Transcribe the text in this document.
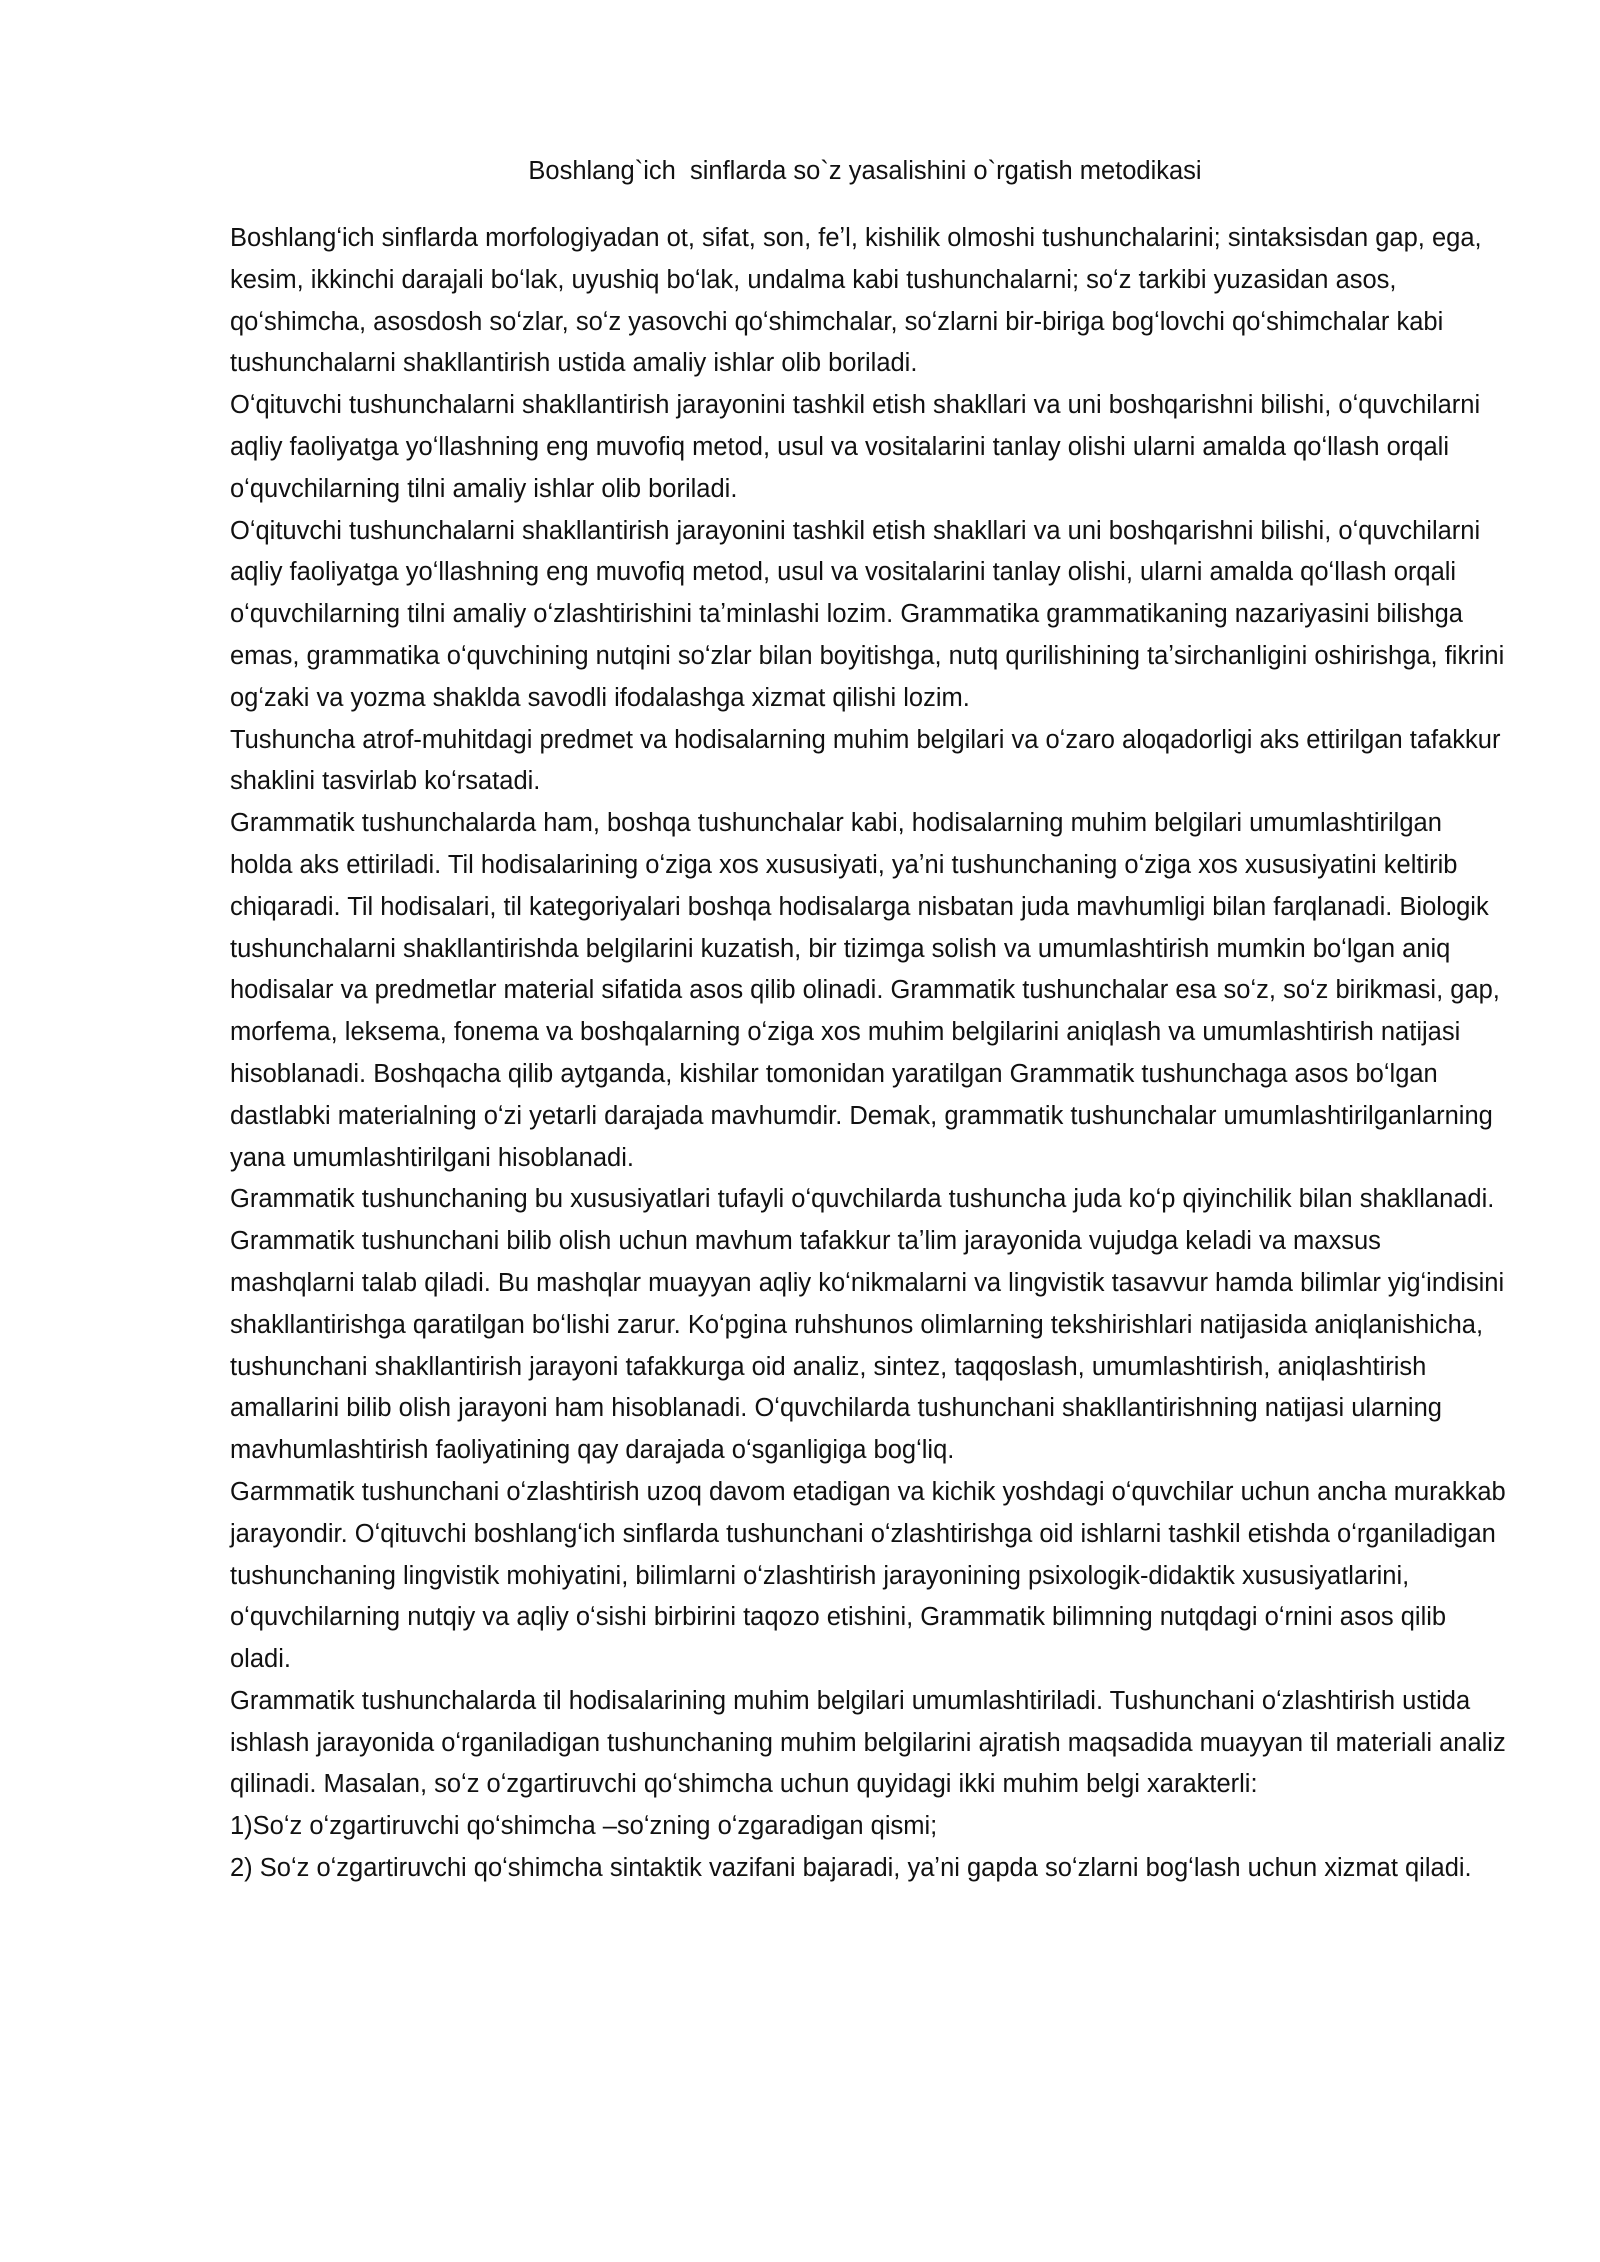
Boshlang`ich  sinflarda so`z yasalishini o`rgatish metodikasi

Boshlangʻich sinflarda morfologiyadan ot, sifat, son, feʼl, kishilik olmoshi tushunchalarini; sintaksisdan gap, ega, kesim, ikkinchi darajali boʻlak, uyushiq boʻlak, undalma kabi tushunchalarni; soʻz tarkibi yuzasidan asos, qoʻshimcha, asosdosh soʻzlar, soʻz yasovchi qoʻshimchalar, soʻzlarni bir-biriga bogʻlovchi qoʻshimchalar kabi tushunchalarni shakllantirish ustida amaliy ishlar olib boriladi.

Oʻqituvchi tushunchalarni shakllantirish jarayonini tashkil etish shakllari va uni boshqarishni bilishi, oʻquvchilarni aqliy faoliyatga yoʻllashning eng muvofiq metod, usul va vositalarini tanlay olishi ularni amalda qoʻllash orqali oʻquvchilarning tilni amaliy ishlar olib boriladi.

Oʻqituvchi tushunchalarni shakllantirish jarayonini tashkil etish shakllari va uni boshqarishni bilishi, oʻquvchilarni aqliy faoliyatga yoʻllashning eng muvofiq metod, usul va vositalarini tanlay olishi, ularni amalda qoʻllash orqali oʻquvchilarning tilni amaliy oʻzlashtirishini taʼminlashi lozim. Grammatika grammatikaning nazariyasini bilishga emas, grammatika oʻquvchining nutqini soʻzlar bilan boyitishga, nutq qurilishining taʼsirchanligini oshirishga, fikrini ogʻzaki va yozma shaklda savodli ifodalashga xizmat qilishi lozim.

Tushuncha atrof-muhitdagi predmet va hodisalarning muhim belgilari va oʻzaro aloqadorligi aks ettirilgan tafakkur shaklini tasvirlab koʻrsatadi.

Grammatik tushunchalarda ham, boshqa tushunchalar kabi, hodisalarning muhim belgilari umumlashtirilgan holda aks ettiriladi. Til hodisalarining oʻziga xos xususiyati, yaʼni tushunchaning oʻziga xos xususiyatini keltirib chiqaradi. Til hodisalari, til kategoriyalari boshqa hodisalarga nisbatan juda mavhumligi bilan farqlanadi. Biologik tushunchalarni shakllantirishda belgilarini kuzatish, bir tizimga solish va umumlashtirish mumkin boʻlgan aniq hodisalar va predmetlar material sifatida asos qilib olinadi. Grammatik tushunchalar esa soʻz, soʻz birikmasi, gap, morfema, leksema, fonema va boshqalarning oʻziga xos muhim belgilarini aniqlash va umumlashtirish natijasi hisoblanadi. Boshqacha qilib aytganda, kishilar tomonidan yaratilgan Grammatik tushunchaga asos boʻlgan dastlabki materialning oʻzi yetarli darajada mavhumdir. Demak, grammatik tushunchalar umumlashtirilganlarning yana umumlashtirilgani hisoblanadi.

Grammatik tushunchaning bu xususiyatlari tufayli oʻquvchilarda tushuncha juda koʻp qiyinchilik bilan shakllanadi. Grammatik tushunchani bilib olish uchun mavhum tafakkur taʼlim jarayonida vujudga keladi va maxsus mashqlarni talab qiladi. Bu mashqlar muayyan aqliy koʻnikmalarni va lingvistik tasavvur hamda bilimlar yigʻindisini shakllantirishga qaratilgan boʻlishi zarur. Koʻpgina ruhshunos olimlarning tekshirishlari natijasida aniqlanishicha, tushunchani shakllantirish jarayoni tafakkurga oid analiz, sintez, taqqoslash, umumlashtirish, aniqlashtirish amallarini bilib olish jarayoni ham hisoblanadi. Oʻquvchilarda tushunchani shakllantirishning natijasi ularning mavhumlashtirish faoliyatining qay darajada oʻsganligiga bogʻliq.

Garmmatik tushunchani oʻzlashtirish uzoq davom etadigan va kichik yoshdagi oʻquvchilar uchun ancha murakkab jarayondir. Oʻqituvchi boshlangʻich sinflarda tushunchani oʻzlashtirishga oid ishlarni tashkil etishda oʻrganiladigan tushunchaning lingvistik mohiyatini, bilimlarni oʻzlashtirish jarayonining psixologik-didaktik xususiyatlarini, oʻquvchilarning nutqiy va aqliy oʻsishi birbirini taqozo etishini, Grammatik bilimning nutqdagi oʻrnini asos qilib oladi.

Grammatik tushunchalarda til hodisalarining muhim belgilari umumlashtiriladi. Tushunchani oʻzlashtirish ustida ishlash jarayonida oʻrganiladigan tushunchaning muhim belgilarini ajratish maqsadida muayyan til materiali analiz qilinadi. Masalan, soʻz oʻzgartiruvchi qoʻshimcha uchun quyidagi ikki muhim belgi xarakterli:

1)Soʻz oʻzgartiruvchi qoʻshimcha –soʻzning oʻzgaradigan qismi;

2) Soʻz oʻzgartiruvchi qoʻshimcha sintaktik vazifani bajaradi, yaʼni gapda soʻzlarni bogʻlash uchun xizmat qiladi.
